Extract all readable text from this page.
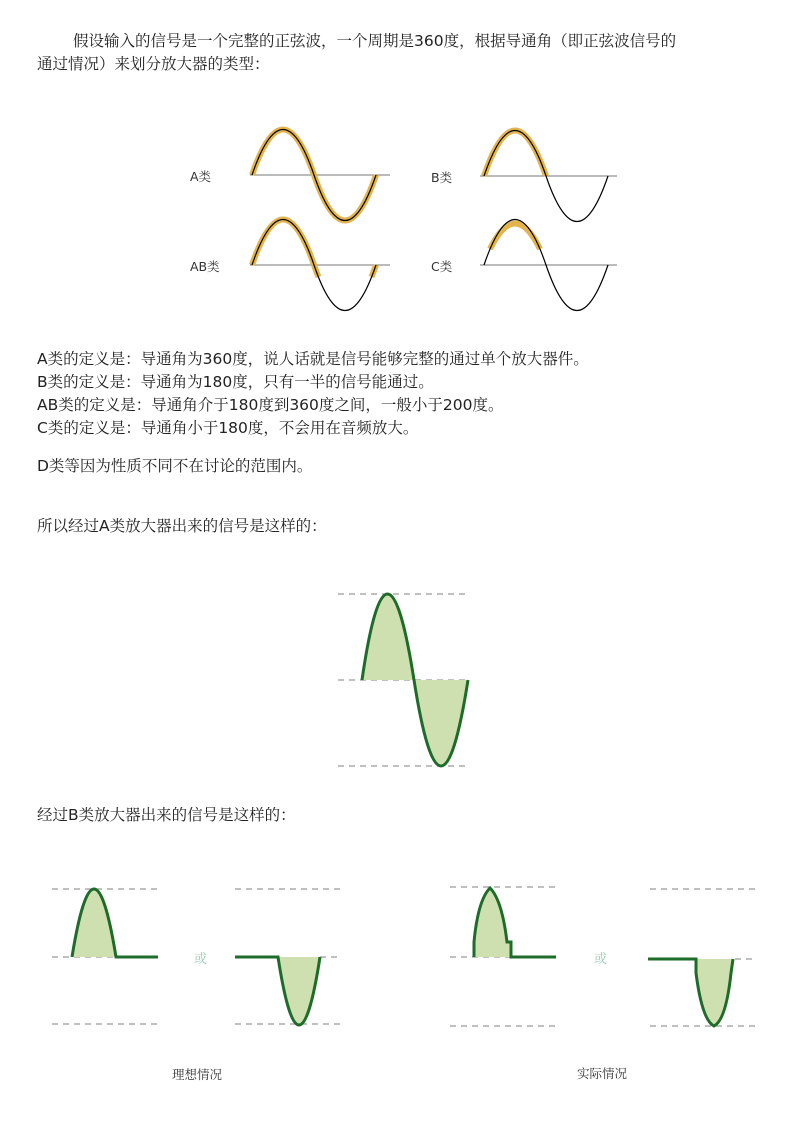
假设输入的信号是一个完整的正弦波，一个周期是360度，根据导通角（即正弦波信号的
通过情况）来划分放大器的类型：
A类	B类
AB类	C类
A类的定义是：导通角为360度，说人话就是信号能够完整的通过单个放大器件。
B类的定义是：导通角为180度，只有一半的信号能通过。
AB类的定义是：导通角介于180度到360度之间，一般小于200度。
C类的定义是：导通角小于180度，不会用在音频放大。
D类等因为性质不同不在讨论的范围内。
所以经过A类放大器出来的信号是这样的：
经过B类放大器出来的信号是这样的：
或	或
理想情况	实际情况
